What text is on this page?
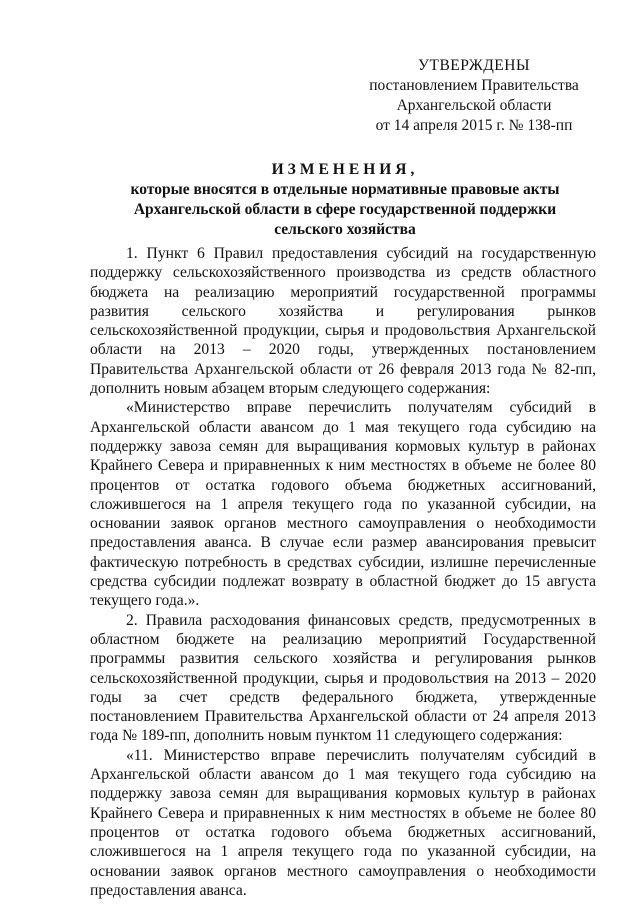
УТВЕРЖДЕНЫ
постановлением Правительства
Архангельской области
от 14 апреля 2015 г. № 138-пп
ИЗМЕНЕНИЯ,
которые вносятся в отдельные нормативные правовые акты
Архангельской области в сфере государственной поддержки
сельского хозяйства

1. Пункт 6 Правил предоставления субсидий на государственную поддержку сельскохозяйственного производства из средств областного бюджета на реализацию мероприятий государственной программы развития сельского хозяйства и регулирования рынков сельскохозяйственной продукции, сырья и продовольствия Архангельской области на 2013 – 2020 годы, утвержденных постановлением Правительства Архангельской области от 26 февраля 2013 года № 82-пп, дополнить новым абзацем вторым следующего содержания:

«Министерство вправе перечислить получателям субсидий в Архангельской области авансом до 1 мая текущего года субсидию на поддержку завоза семян для выращивания кормовых культур в районах Крайнего Севера и приравненных к ним местностях в объеме не более 80 процентов от остатка годового объема бюджетных ассигнований, сложившегося на 1 апреля текущего года по указанной субсидии, на основании заявок органов местного самоуправления о необходимости предоставления аванса. В случае если размер авансирования превысит фактическую потребность в средствах субсидии, излишне перечисленные средства субсидии подлежат возврату в областной бюджет до 15 августа текущего года.».

2. Правила расходования финансовых средств, предусмотренных в областном бюджете на реализацию мероприятий Государственной программы развития сельского хозяйства и регулирования рынков сельскохозяйственной продукции, сырья и продовольствия на 2013 – 2020 годы за счет средств федерального бюджета, утвержденные постановлением Правительства Архангельской области от 24 апреля 2013 года № 189-пп, дополнить новым пунктом 11 следующего содержания:

«11. Министерство вправе перечислить получателям субсидий в Архангельской области авансом до 1 мая текущего года субсидию на поддержку завоза семян для выращивания кормовых культур в районах Крайнего Севера и приравненных к ним местностях в объеме не более 80 процентов от остатка годового объема бюджетных ассигнований, сложившегося на 1 апреля текущего года по указанной субсидии, на основании заявок органов местного самоуправления о необходимости предоставления аванса.
